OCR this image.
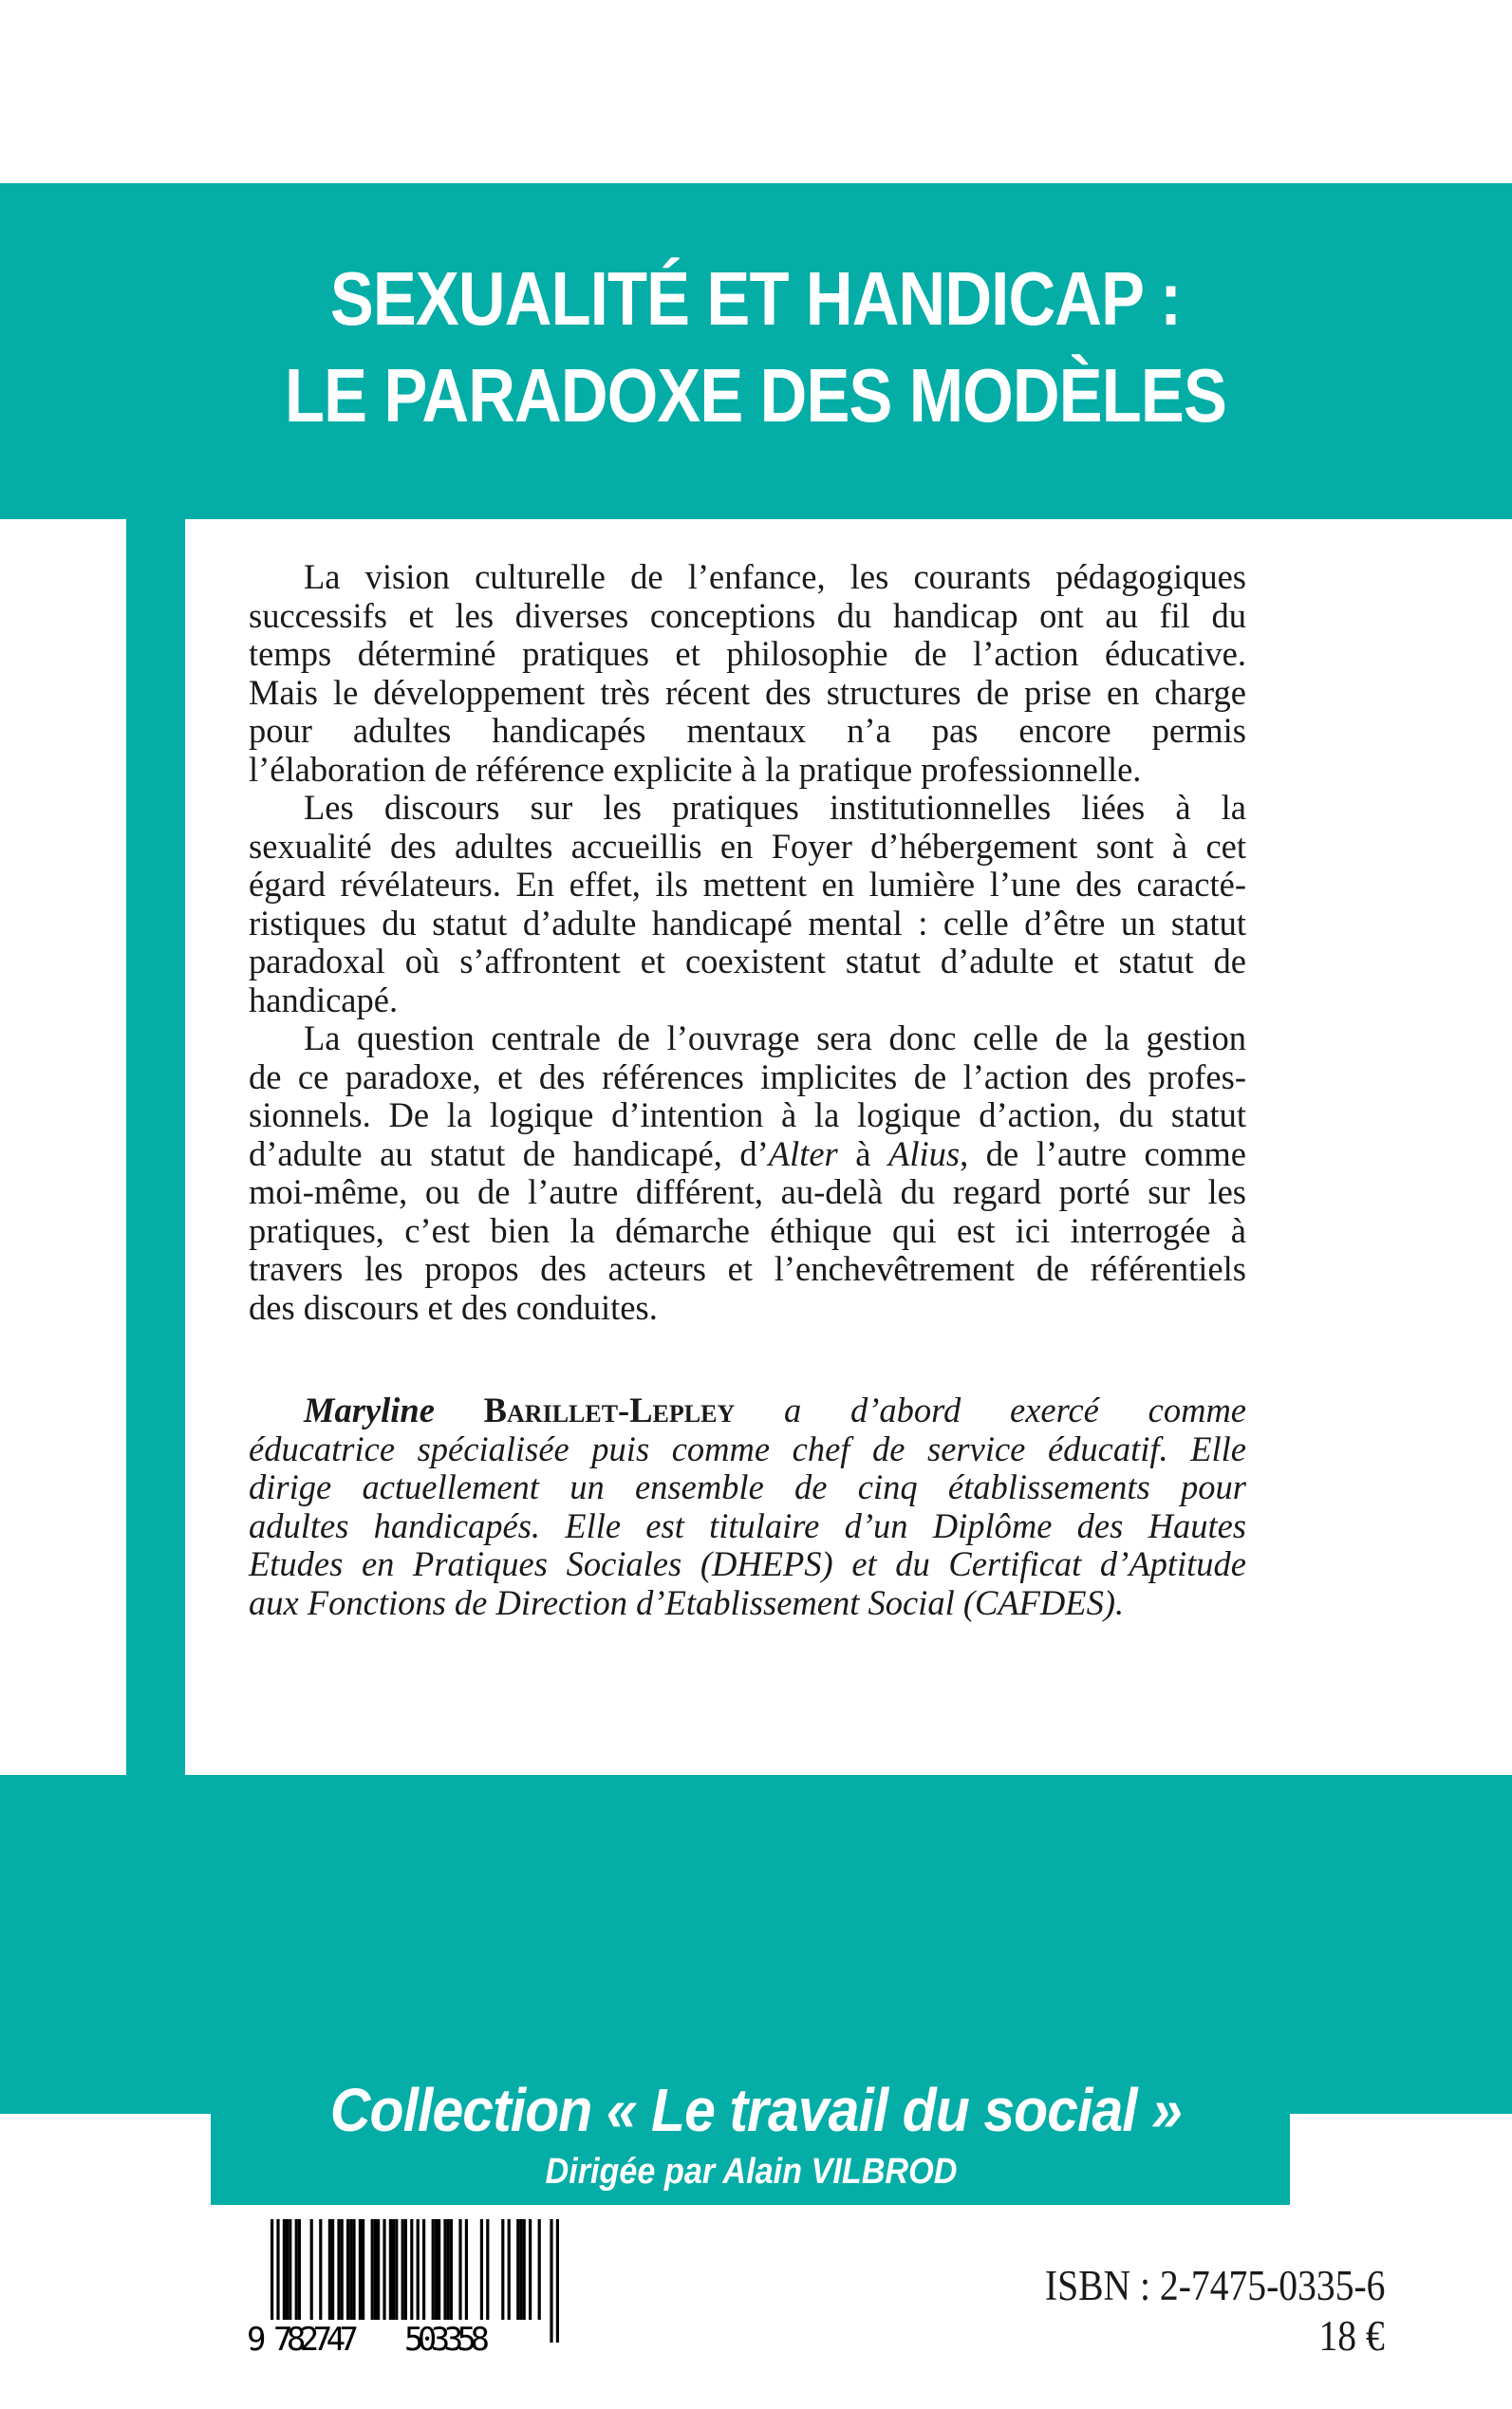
SEXUALITÉ ET HANDICAP :
LE PARADOXE DES MODÈLES
La vision culturelle de l’enfance, les courants pédagogiques
successifs et les diverses conceptions du handicap ont au fil du
temps déterminé pratiques et philosophie de l’action éducative.
Mais le développement très récent des structures de prise en charge
pour adultes handicapés mentaux n’a pas encore permis
l’élaboration de référence explicite à la pratique professionnelle.
Les discours sur les pratiques institutionnelles liées à la
sexualité des adultes accueillis en Foyer d’hébergement sont à cet
égard révélateurs. En effet, ils mettent en lumière l’une des caracté-
ristiques du statut d’adulte handicapé mental : celle d’être un statut
paradoxal où s’affrontent et coexistent statut d’adulte et statut de
handicapé.
La question centrale de l’ouvrage sera donc celle de la gestion
de ce paradoxe, et des références implicites de l’action des profes-
sionnels. De la logique d’intention à la logique d’action, du statut
d’adulte au statut de handicapé, d’Alter à Alius, de l’autre comme
moi-même, ou de l’autre différent, au-delà du regard porté sur les
pratiques, c’est bien la démarche éthique qui est ici interrogée à
travers les propos des acteurs et l’enchevêtrement de référentiels
des discours et des conduites.
Maryline Barillet-Lepley a d’abord exercé comme
éducatrice spécialisée puis comme chef de service éducatif. Elle
dirige actuellement un ensemble de cinq établissements pour
adultes handicapés. Elle est titulaire d’un Diplôme des Hautes
Etudes en Pratiques Sociales (DHEPS) et du Certificat d’Aptitude
aux Fonctions de Direction d’Etablissement Social (CAFDES).
Collection « Le travail du social »
Dirigée par Alain VILBROD
9 782747 503358
ISBN : 2-7475-0335-6
18 €
